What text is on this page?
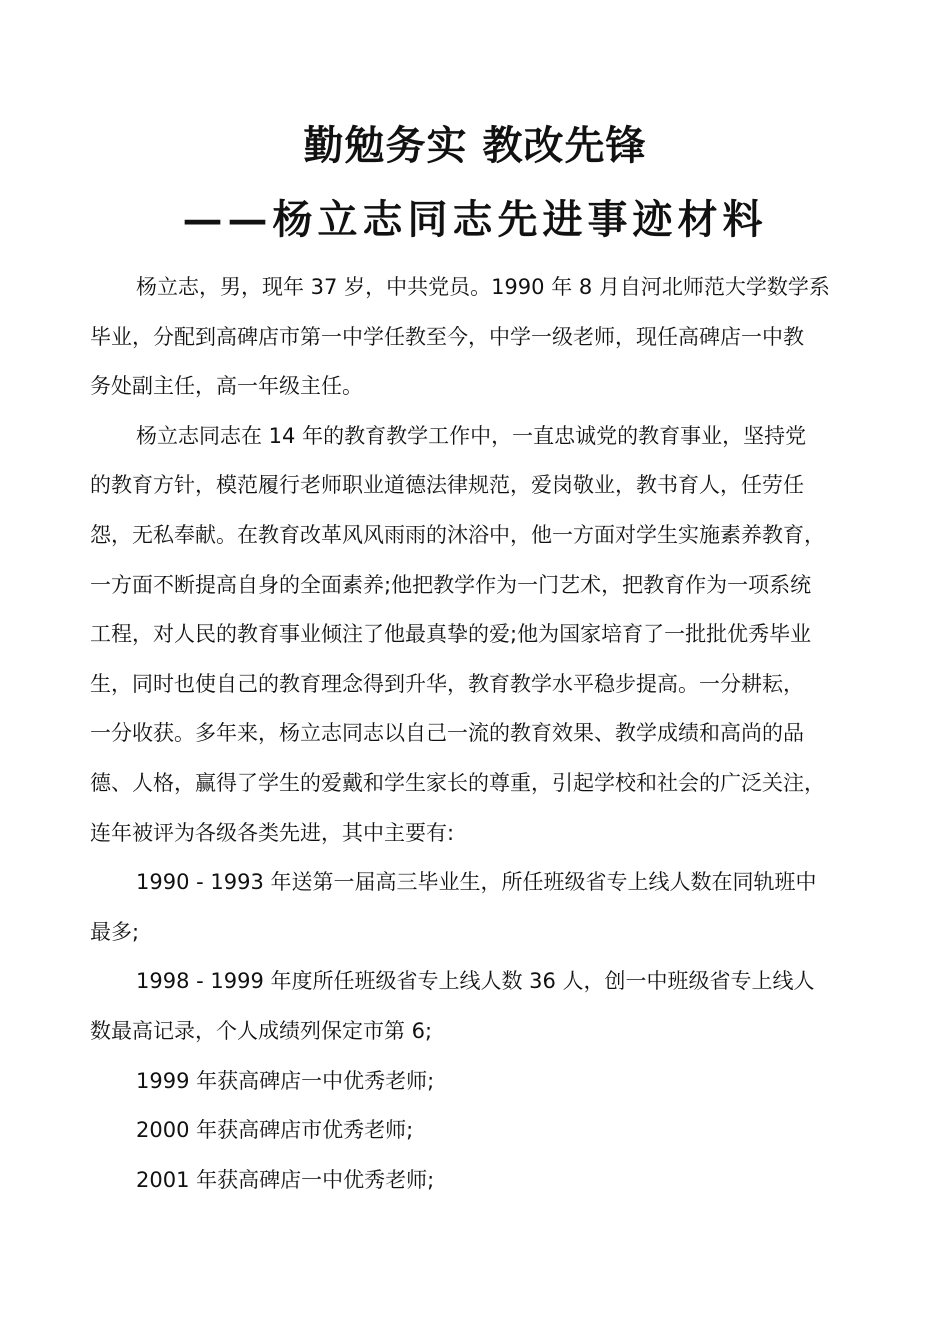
勤勉务实 教改先锋
——杨立志同志先进事迹材料

杨立志，男，现年 37 岁，中共党员。1990 年 8 月自河北师范大学数学系
毕业，分配到高碑店市第一中学任教至今，中学一级老师，现任高碑店一中教
务处副主任，高一年级主任。

杨立志同志在 14 年的教育教学工作中，一直忠诚党的教育事业，坚持党
的教育方针，模范履行老师职业道德法律规范，爱岗敬业，教书育人，任劳任
怨，无私奉献。在教育改革风风雨雨的沐浴中，他一方面对学生实施素养教育，
一方面不断提高自身的全面素养;他把教学作为一门艺术，把教育作为一项系统
工程，对人民的教育事业倾注了他最真挚的爱;他为国家培育了一批批优秀毕业
生，同时也使自己的教育理念得到升华，教育教学水平稳步提高。一分耕耘，
一分收获。多年来，杨立志同志以自己一流的教育效果、教学成绩和高尚的品
德、人格，赢得了学生的爱戴和学生家长的尊重，引起学校和社会的广泛关注，
连年被评为各级各类先进，其中主要有:

1990 - 1993 年送第一届高三毕业生，所任班级省专上线人数在同轨班中
最多;

1998 - 1999 年度所任班级省专上线人数 36 人，创一中班级省专上线人
数最高记录，个人成绩列保定市第 6;

1999 年获高碑店一中优秀老师;

2000 年获高碑店市优秀老师;

2001 年获高碑店一中优秀老师;
